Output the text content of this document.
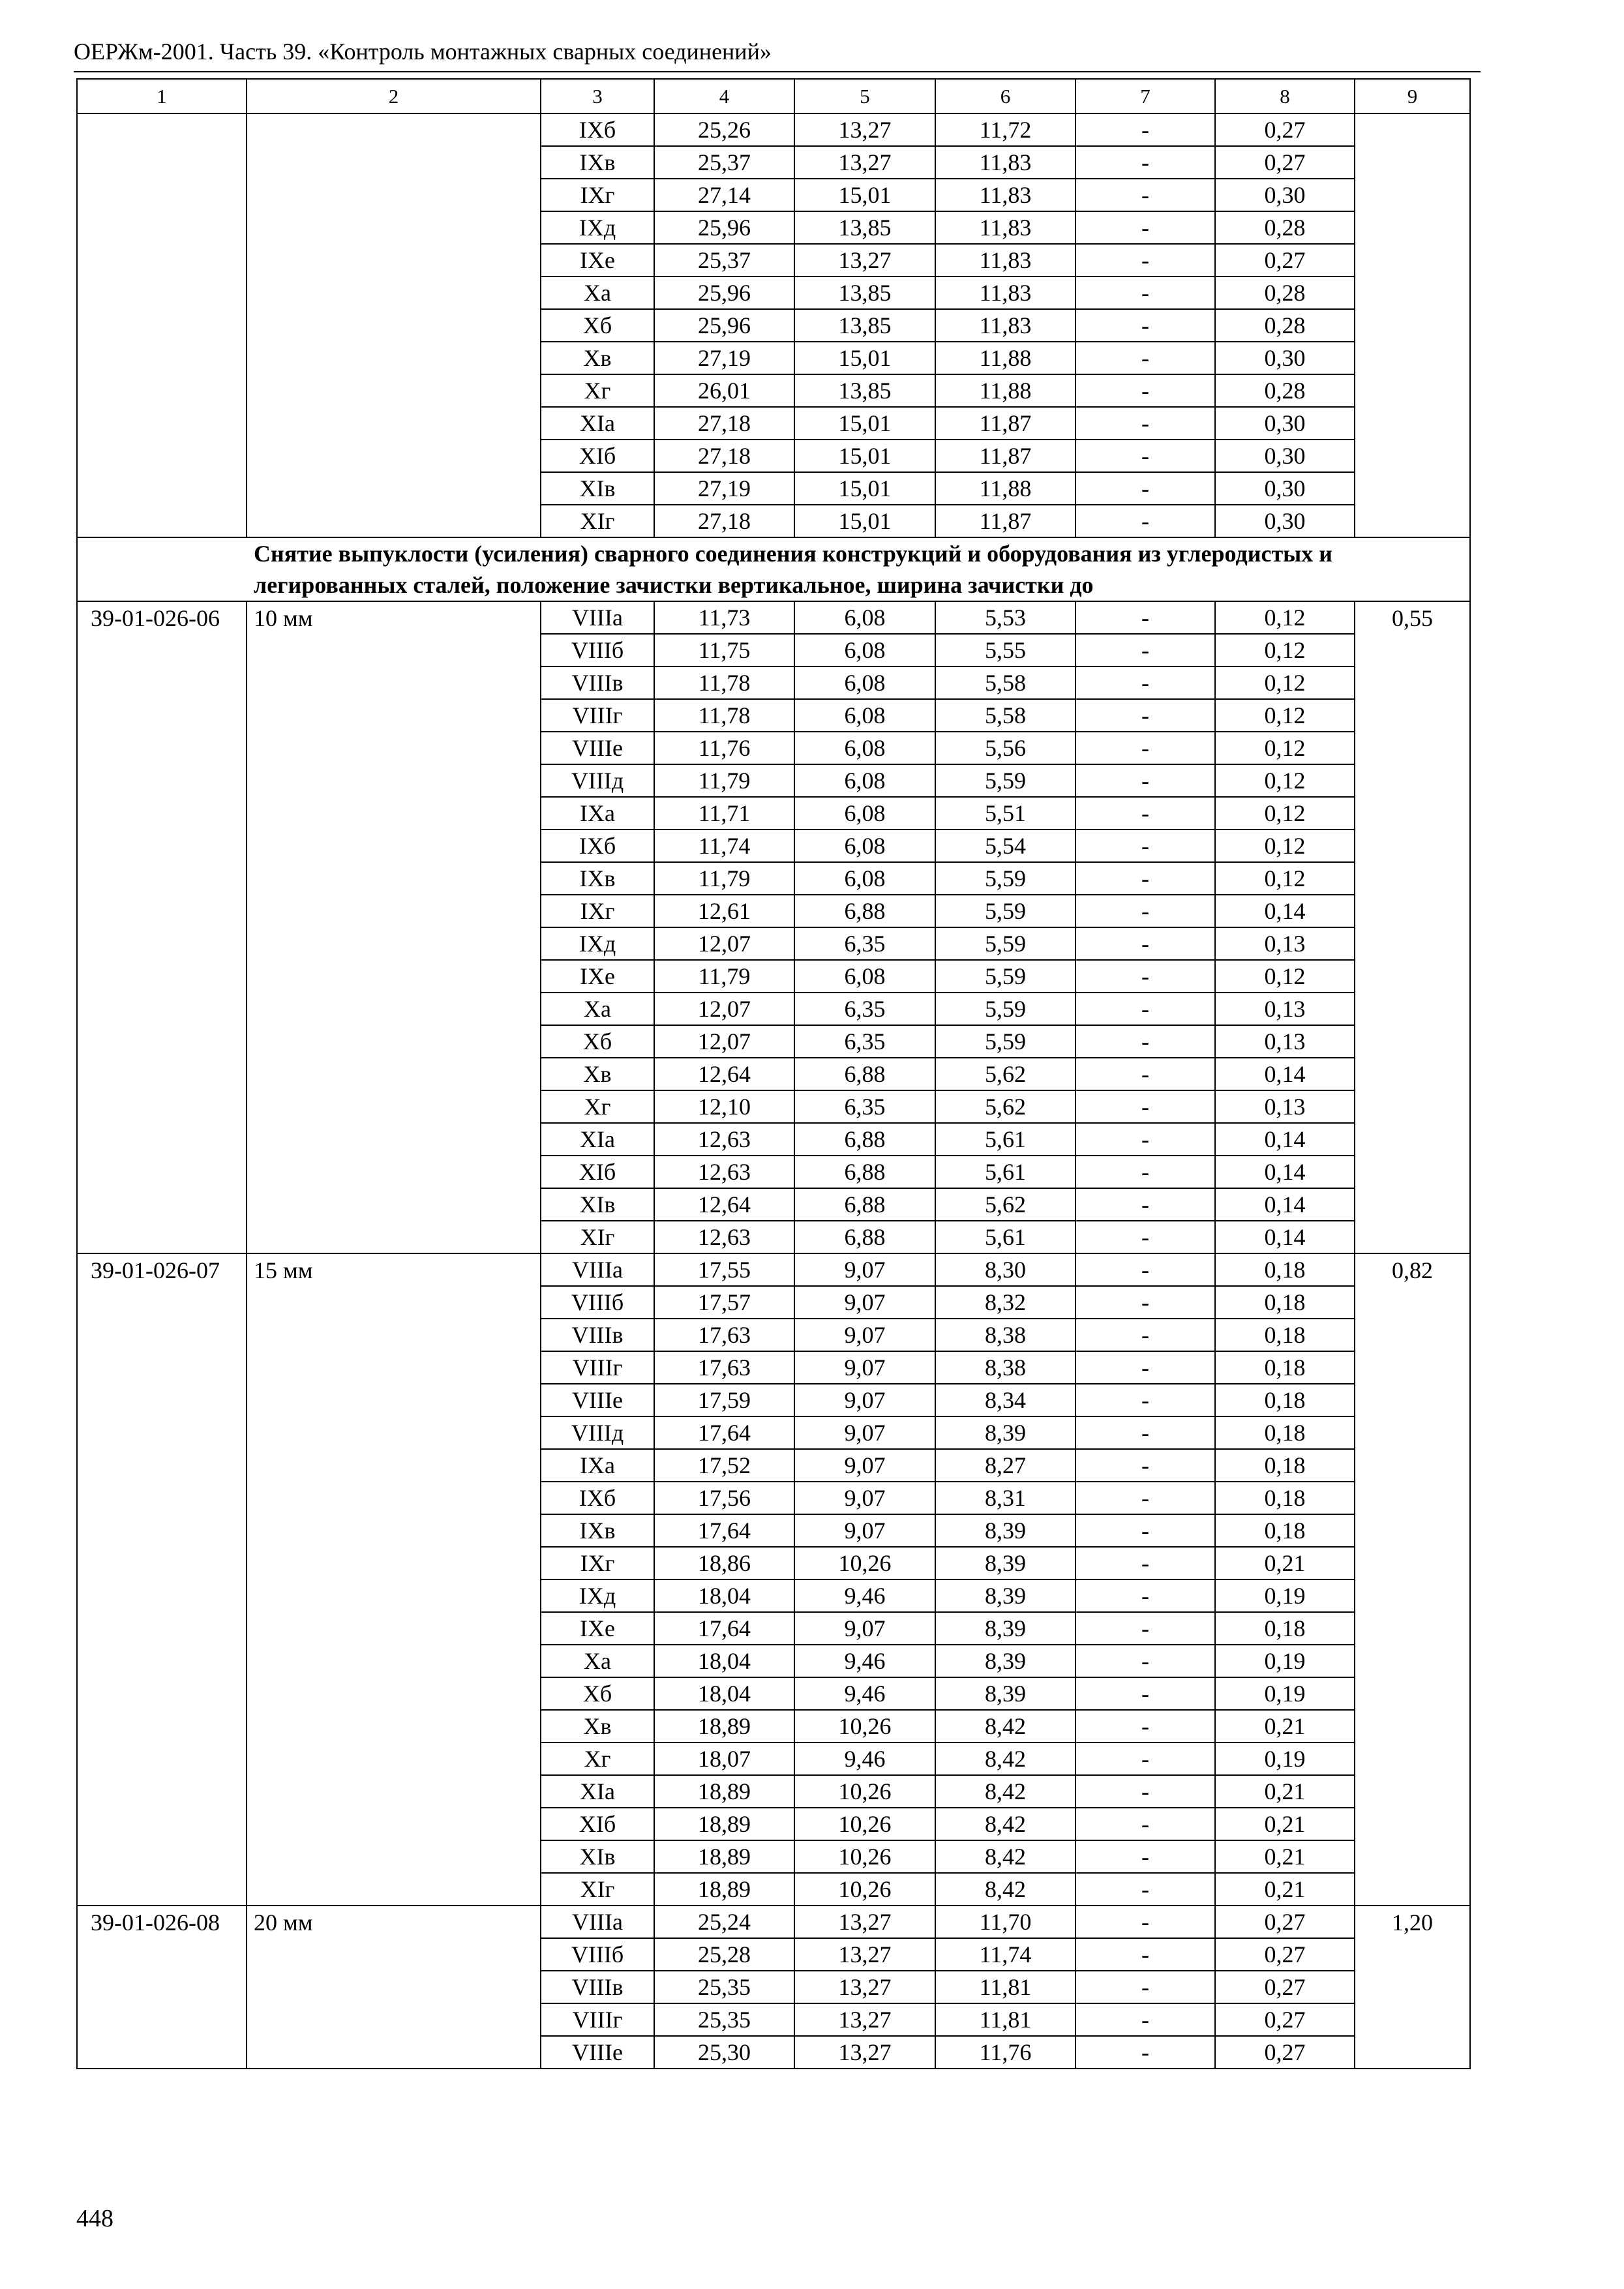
ОЕРЖм-2001. Часть 39. «Контроль монтажных сварных соединений»
1	2	3	4	5	6	7	8	9
		IXб	25,26	13,27	11,72	-	0,27	
		IXв	25,37	13,27	11,83	-	0,27	
		IXг	27,14	15,01	11,83	-	0,30	
		IXд	25,96	13,85	11,83	-	0,28	
		IXе	25,37	13,27	11,83	-	0,27	
		Xа	25,96	13,85	11,83	-	0,28	
		Xб	25,96	13,85	11,83	-	0,28	
		Xв	27,19	15,01	11,88	-	0,30	
		Xг	26,01	13,85	11,88	-	0,28	
		XIа	27,18	15,01	11,87	-	0,30	
		XIб	27,18	15,01	11,87	-	0,30	
		XIв	27,19	15,01	11,88	-	0,30	
		XIг	27,18	15,01	11,87	-	0,30	
Снятие выпуклости (усиления) сварного соединения конструкций и оборудования из углеродистых и легированных сталей, положение зачистки вертикальное, ширина зачистки до								
39-01-026-06	10 мм	VIIIа	11,73	6,08	5,53	-	0,12	0,55
		VIIIб	11,75	6,08	5,55	-	0,12	
		VIIIв	11,78	6,08	5,58	-	0,12	
		VIIIг	11,78	6,08	5,58	-	0,12	
		VIIIе	11,76	6,08	5,56	-	0,12	
		VIIIд	11,79	6,08	5,59	-	0,12	
		IXа	11,71	6,08	5,51	-	0,12	
		IXб	11,74	6,08	5,54	-	0,12	
		IXв	11,79	6,08	5,59	-	0,12	
		IXг	12,61	6,88	5,59	-	0,14	
		IXд	12,07	6,35	5,59	-	0,13	
		IXе	11,79	6,08	5,59	-	0,12	
		Xа	12,07	6,35	5,59	-	0,13	
		Xб	12,07	6,35	5,59	-	0,13	
		Xв	12,64	6,88	5,62	-	0,14	
		Xг	12,10	6,35	5,62	-	0,13	
		XIа	12,63	6,88	5,61	-	0,14	
		XIб	12,63	6,88	5,61	-	0,14	
		XIв	12,64	6,88	5,62	-	0,14	
		XIг	12,63	6,88	5,61	-	0,14	
39-01-026-07	15 мм	VIIIа	17,55	9,07	8,30	-	0,18	0,82
		VIIIб	17,57	9,07	8,32	-	0,18	
		VIIIв	17,63	9,07	8,38	-	0,18	
		VIIIг	17,63	9,07	8,38	-	0,18	
		VIIIе	17,59	9,07	8,34	-	0,18	
		VIIIд	17,64	9,07	8,39	-	0,18	
		IXа	17,52	9,07	8,27	-	0,18	
		IXб	17,56	9,07	8,31	-	0,18	
		IXв	17,64	9,07	8,39	-	0,18	
		IXг	18,86	10,26	8,39	-	0,21	
		IXд	18,04	9,46	8,39	-	0,19	
		IXе	17,64	9,07	8,39	-	0,18	
		Xа	18,04	9,46	8,39	-	0,19	
		Xб	18,04	9,46	8,39	-	0,19	
		Xв	18,89	10,26	8,42	-	0,21	
		Xг	18,07	9,46	8,42	-	0,19	
		XIа	18,89	10,26	8,42	-	0,21	
		XIб	18,89	10,26	8,42	-	0,21	
		XIв	18,89	10,26	8,42	-	0,21	
		XIг	18,89	10,26	8,42	-	0,21	
39-01-026-08	20 мм	VIIIа	25,24	13,27	11,70	-	0,27	1,20
		VIIIб	25,28	13,27	11,74	-	0,27	
		VIIIв	25,35	13,27	11,81	-	0,27	
		VIIIг	25,35	13,27	11,81	-	0,27	
		VIIIе	25,30	13,27	11,76	-	0,27	
448
